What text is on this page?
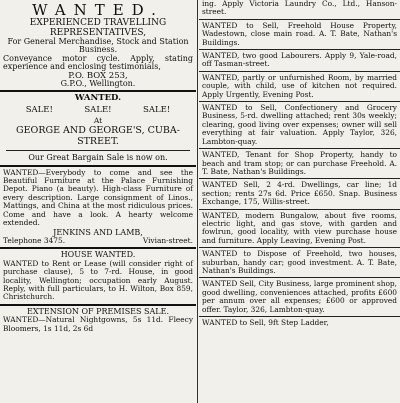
WANTED.
EXPERIENCED TRAVELLING REPRESENTATIVES,
For General Merchandise, Stock and Station Business.
Conveyance motor cycle. Apply, stating experience and enclosing testimonials,
P.O. BOX 253,
G.P.O., Wellington.
WANTED.
SALE!	SALE!	SALE!
At
GEORGE AND GEORGE'S, CUBA-STREET.
Our Great Bargain Sale is now on.
WANTED—Everybody to come and see the Beautiful Furniture at the Palace Furnishing Depot. Piano (a beauty). High-class Furniture of every description. Large consignment of Linos., Mattings, and China at the most ridiculous prices. Come and have a look. A hearty welcome extended.
JENKINS AND LAMB,
Telephone 3475.	Vivian-street.
HOUSE WANTED.
WANTED to Rent or Lease (will consider right of purchase clause), 5 to 7-rd. House, in good locality, Wellington; occupation early August. Reply, with full particulars, to H. Wilton, Box 859, Christchurch.
EXTENSION OF PREMISES SALE.
WANTED—Natural Nightgowns, 5s 11d. Fleecy Bloomers, 1s 11d, 2s 6d
ing. Apply Victoria Laundry Co., Ltd., Hanson-street.
WANTED to Sell, Freehold House Property, Wadestown, close main road. A. T. Bate, Nathan's Buildings.
WANTED, two good Labourers. Apply 9, Yale-road, off Tasman-street.
WANTED, partly or unfurnished Room, by married couple, with child, use of kitchen not required. Apply Urgently, Evening Post.
WANTED to Sell, Confectionery and Grocery Business, 5-rd. dwelling attached; rent 30s weekly; clearing, good living over expenses; owner will sell everything at fair valuation. Apply Taylor, 326, Lambton-quay.
WANTED, Tenant for Shop Property, handy to beach and tram stop; or can purchase Freehold. A. T. Bate, Nathan's Buildings.
WANTED Sell, 2 4-rd. Dwellings, car line; 1d section; rents 27s 6d. Price £650. Snap. Business Exchange, 175, Willis-street.
WANTED, modern Bungalow, about five rooms, electric light, and gas stove, with garden and fowlrun, good locality, with view purchase house and furniture. Apply Leaving, Evening Post.
WANTED to Dispose of Freehold, two houses, suburban, handy car; good investment. A. T. Bate, Nathan's Buildings.
WANTED Sell, City Business, large prominent shop, good dwelling, conveniences attached, profits £600 per annum over all expenses; £600 or approved offer. Taylor, 326, Lambton-quay.
WANTED to Sell, 9ft Step Ladder,
